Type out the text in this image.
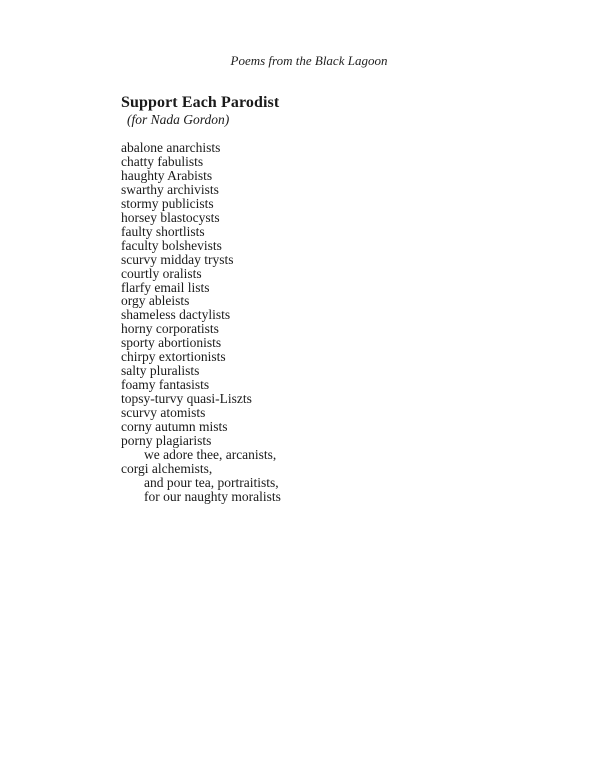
Poems from the Black Lagoon
Support Each Parodist
(for Nada Gordon)
abalone anarchists
chatty fabulists
haughty Arabists
swarthy archivists
stormy publicists
horsey blastocysts
faulty shortlists
faculty bolshevists
scurvy midday trysts
courtly oralists
flarfy email lists
orgy ableists
shameless dactylists
horny corporatists
sporty abortionists
chirpy extortionists
salty pluralists
foamy fantasists
topsy-turvy quasi-Liszts
scurvy atomists
corny autumn mists
porny plagiarists
we adore thee, arcanists,
corgi alchemists,
and pour tea, portraitists,
for our naughty moralists
